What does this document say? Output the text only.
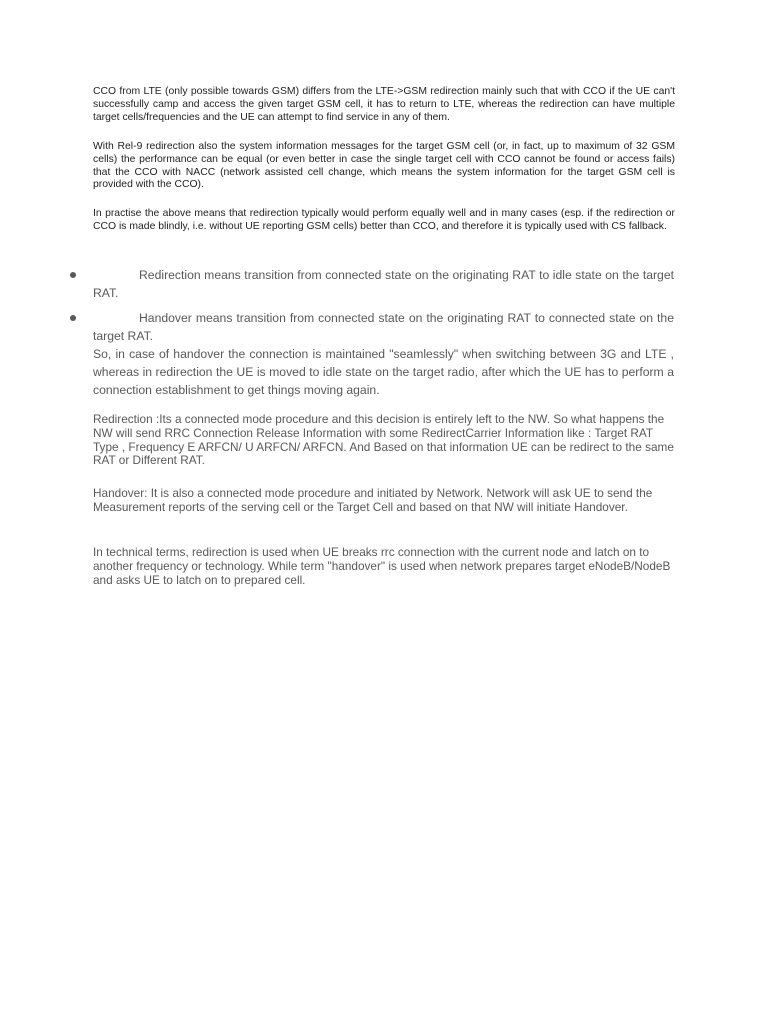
CCO from LTE (only possible towards GSM) differs from the LTE->GSM redirection mainly such that with CCO if the UE can't successfully camp and access the given target GSM cell, it has to return to LTE, whereas the redirection can have multiple target cells/frequencies and the UE can attempt to find service in any of them.

With Rel-9 redirection also the system information messages for the target GSM cell (or, in fact, up to maximum of 32 GSM cells) the performance can be equal (or even better in case the single target cell with CCO cannot be found or access fails) that the CCO with NACC (network assisted cell change, which means the system information for the target GSM cell is provided with the CCO).

In practise the above means that redirection typically would perform equally well and in many cases (esp. if the redirection or CCO is made blindly, i.e. without UE reporting GSM cells) better than CCO, and therefore it is typically used with CS fallback.

Redirection means transition from connected state on the originating RAT to idle state on the target RAT.

Handover means transition from connected state on the originating RAT to connected state on the target RAT.

So, in case of handover the connection is maintained "seamlessly" when switching between 3G and LTE , whereas in redirection the UE is moved to idle state on the target radio, after which the UE has to perform a connection establishment to get things moving again.

Redirection :Its a connected mode procedure and this decision is entirely left to the NW. So what happens the NW will send RRC Connection Release Information with some RedirectCarrier Information like : Target RAT Type , Frequency E ARFCN/ U ARFCN/ ARFCN. And Based on that information UE can be redirect to the same RAT or Different RAT.

Handover: It is also a connected mode procedure and initiated by Network. Network will ask UE to send the Measurement reports of the serving cell or the Target Cell and based on that NW will initiate Handover.

In technical terms, redirection is used when UE breaks rrc connection with the current node and latch on to another frequency or technology. While term "handover" is used when network prepares target eNodeB/NodeB and asks UE to latch on to prepared cell.
